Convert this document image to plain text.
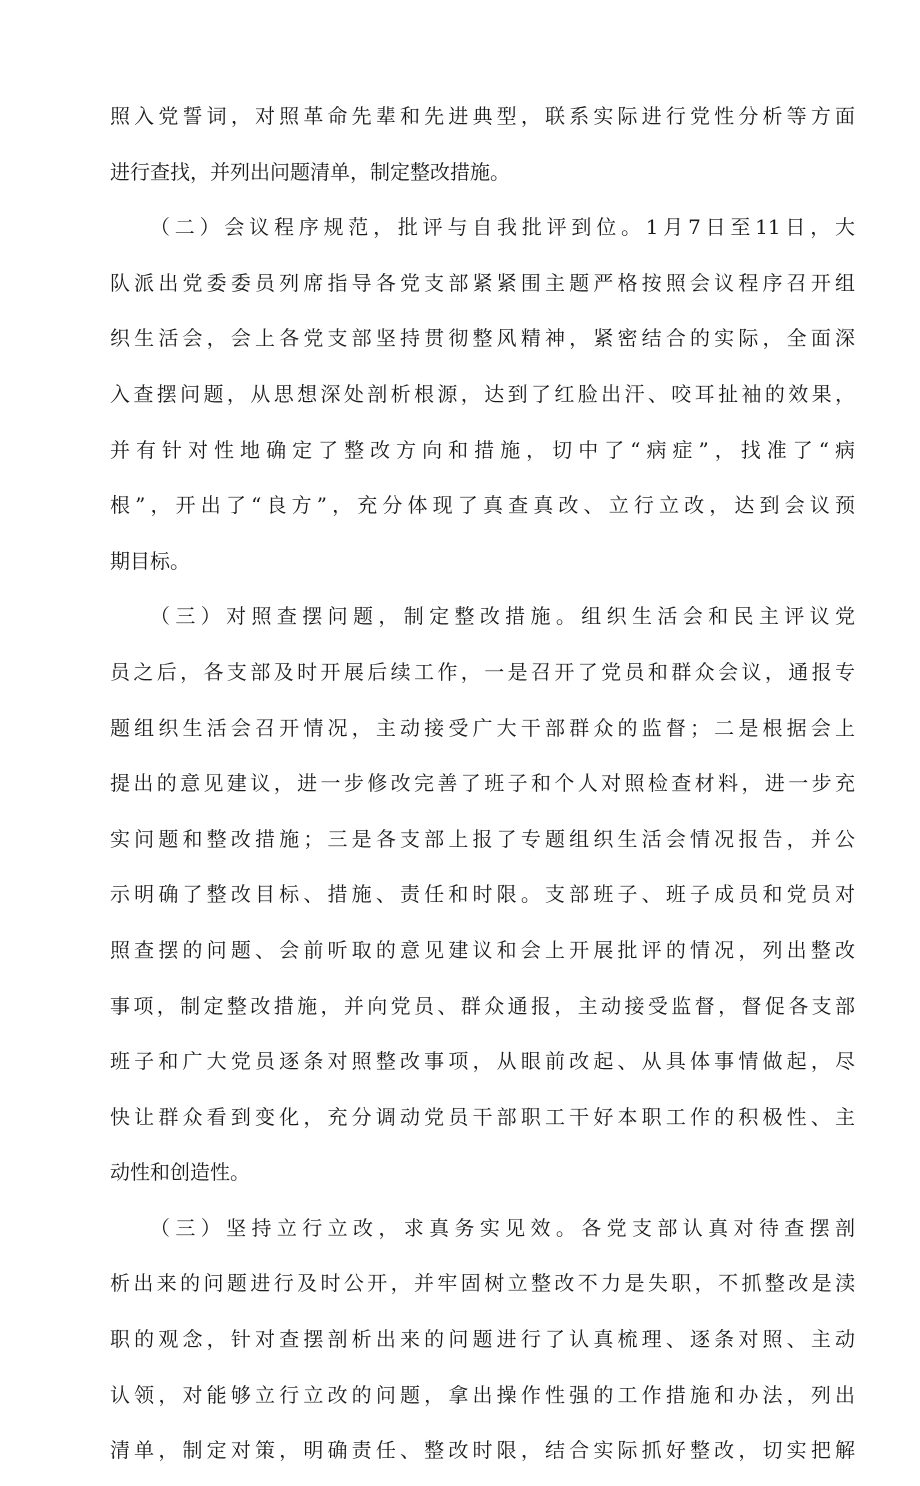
照入党誓词，对照革命先辈和先进典型，联系实际进行党性分析等方面
进行查找，并列出问题清单，制定整改措施。
（二）会议程序规范，批评与自我批评到位。1月7日至11日，大
队派出党委委员列席指导各党支部紧紧围主题严格按照会议程序召开组
织生活会，会上各党支部坚持贯彻整风精神，紧密结合的实际，全面深
入查摆问题，从思想深处剖析根源，达到了红脸出汗、咬耳扯袖的效果，
并有针对性地确定了整改方向和措施，切中了“病症”，找准了“病
根”，开出了“良方”，充分体现了真查真改、立行立改，达到会议预
期目标。
（三）对照查摆问题，制定整改措施。组织生活会和民主评议党
员之后，各支部及时开展后续工作，一是召开了党员和群众会议，通报专
题组织生活会召开情况，主动接受广大干部群众的监督；二是根据会上
提出的意见建议，进一步修改完善了班子和个人对照检查材料，进一步充
实问题和整改措施；三是各支部上报了专题组织生活会情况报告，并公
示明确了整改目标、措施、责任和时限。支部班子、班子成员和党员对
照查摆的问题、会前听取的意见建议和会上开展批评的情况，列出整改
事项，制定整改措施，并向党员、群众通报，主动接受监督，督促各支部
班子和广大党员逐条对照整改事项，从眼前改起、从具体事情做起，尽
快让群众看到变化，充分调动党员干部职工干好本职工作的积极性、主
动性和创造性。
（三）坚持立行立改，求真务实见效。各党支部认真对待查摆剖
析出来的问题进行及时公开，并牢固树立整改不力是失职，不抓整改是渎
职的观念，针对查摆剖析出来的问题进行了认真梳理、逐条对照、主动
认领，对能够立行立改的问题，拿出操作性强的工作措施和办法，列出
清单，制定对策，明确责任、整改时限，结合实际抓好整改，切实把解
